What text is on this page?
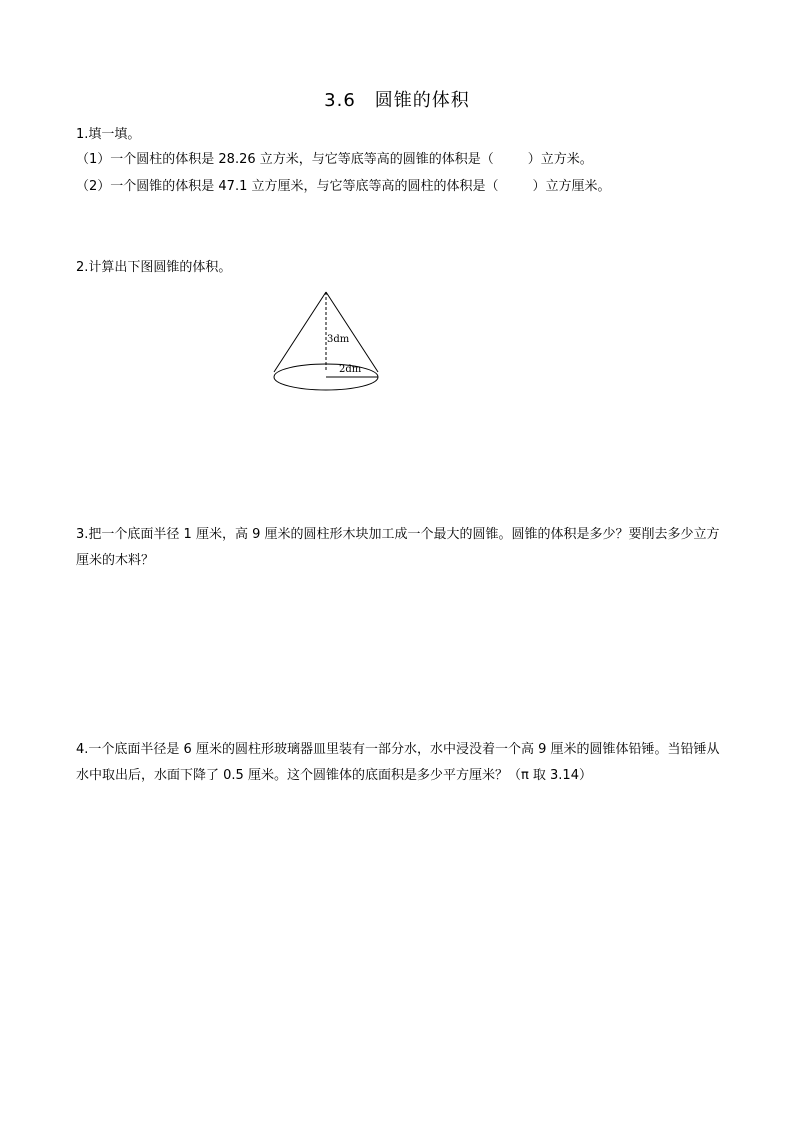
3.6　圆锥的体积
1.填一填。
（1）一个圆柱的体积是 28.26 立方米，与它等底等高的圆锥的体积是（	）立方米。
（2）一个圆锥的体积是 47.1 立方厘米，与它等底等高的圆柱的体积是（	）立方厘米。
2.计算出下图圆锥的体积。
3dm
2dm
3.把一个底面半径 1 厘米，高 9 厘米的圆柱形木块加工成一个最大的圆锥。圆锥的体积是多少？要削去多少立方厘米的木料？
4.一个底面半径是 6 厘米的圆柱形玻璃器皿里装有一部分水，水中浸没着一个高 9 厘米的圆锥体铅锤。当铅锤从水中取出后，水面下降了 0.5 厘米。这个圆锥体的底面积是多少平方厘米？（π 取 3.14）
